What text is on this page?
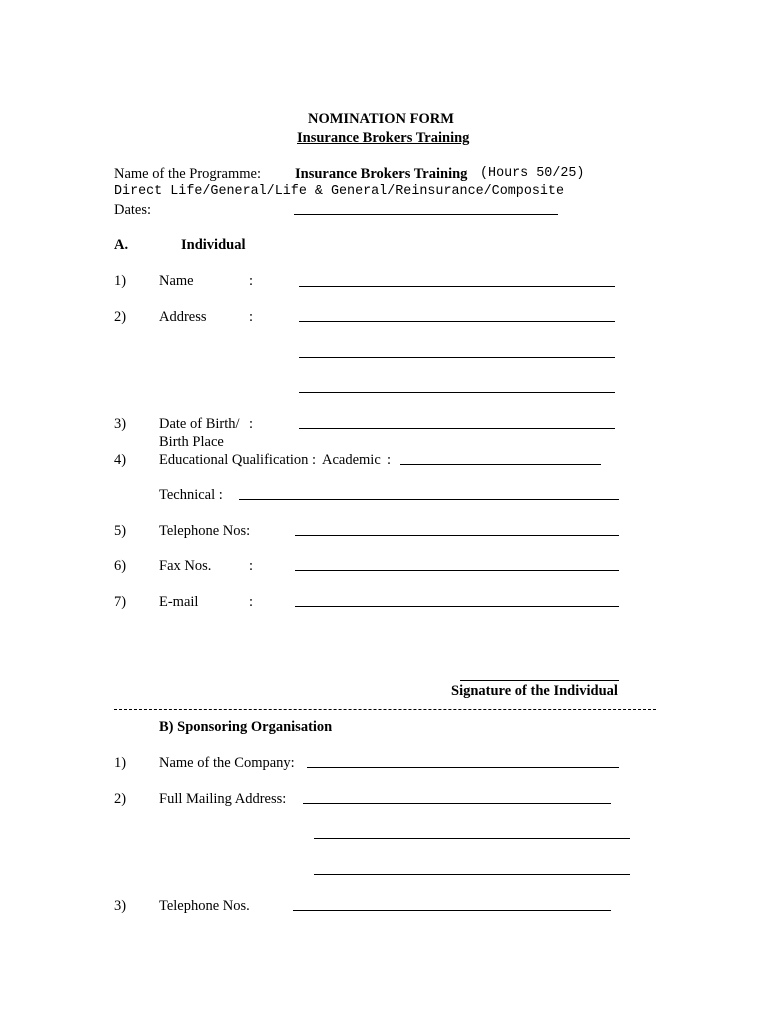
NOMINATION FORM
Insurance Brokers Training
Name of the Programme: Insurance Brokers Training (Hours 50/25)
Direct Life/General/Life & General/Reinsurance/Composite
Dates:
A.	Individual
1) Name	:
2) Address	:
3) Date of Birth/ :
Birth Place
4) Educational Qualification : Academic :
Technical :
5) Telephone Nos:
6) Fax Nos.	:
7) E-mail	:
Signature of the Individual
B) Sponsoring Organisation
1) Name of the Company:
2) Full Mailing Address:
3) Telephone Nos.
